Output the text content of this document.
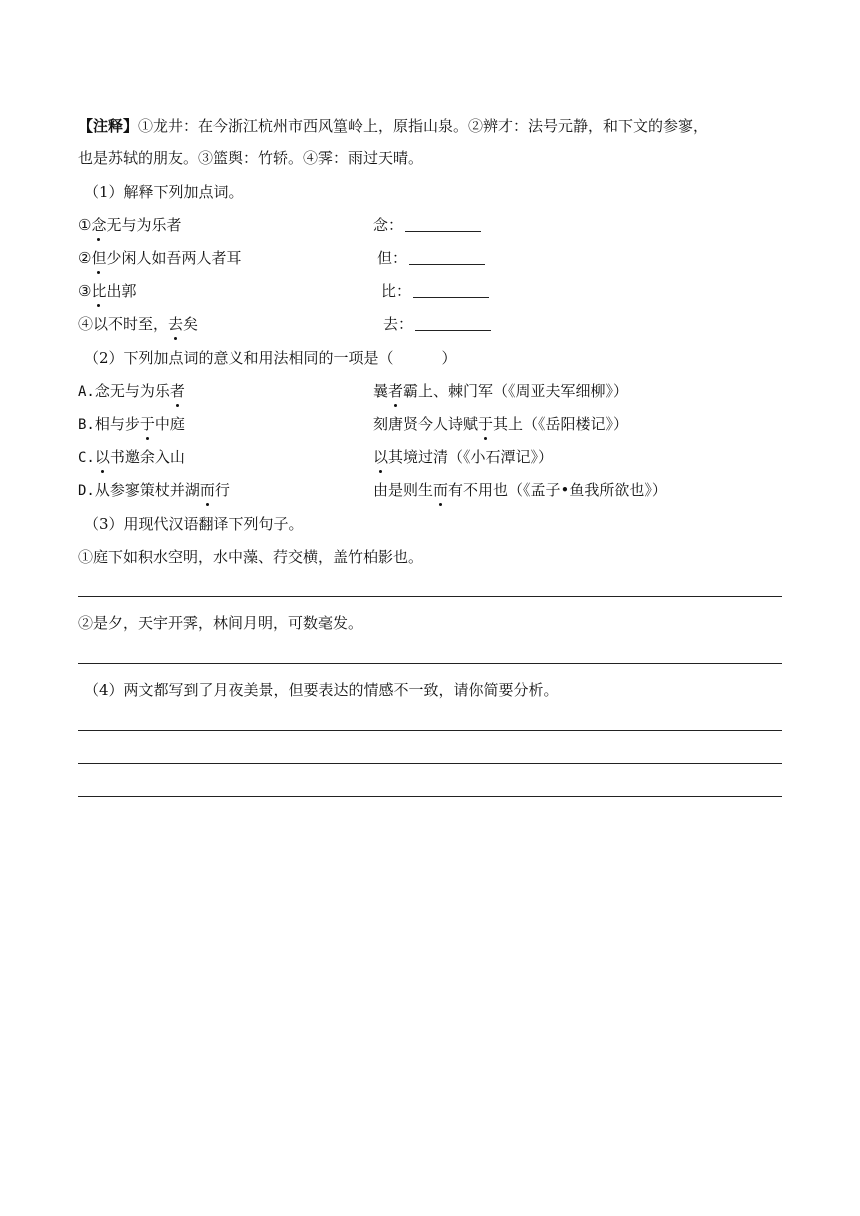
【注释】①龙井：在今浙江杭州市西风篁岭上，原指山泉。②辨才：法号元静，和下文的参寥，
也是苏轼的朋友。③篮舆：竹轿。④霁：雨过天晴。
（1）解释下列加点词。
①念无与为乐者	念：
②但少闲人如吾两人者耳	但：
③比出郭	比：
④以不时至，去矣	去：
（2）下列加点词的意义和用法相同的一项是（	）
A.念无与为乐者	曩者霸上、棘门军（《周亚夫军细柳》）
B.相与步于中庭	刻唐贤今人诗赋于其上（《岳阳楼记》）
C.以书邀余入山	以其境过清（《小石潭记》）
D.从参寥策杖并湖而行	由是则生而有不用也（《孟子•鱼我所欲也》）
（3）用现代汉语翻译下列句子。
①庭下如积水空明，水中藻、荇交横，盖竹柏影也。
②是夕，天宇开霁，林间月明，可数毫发。
（4）两文都写到了月夜美景，但要表达的情感不一致，请你简要分析。
